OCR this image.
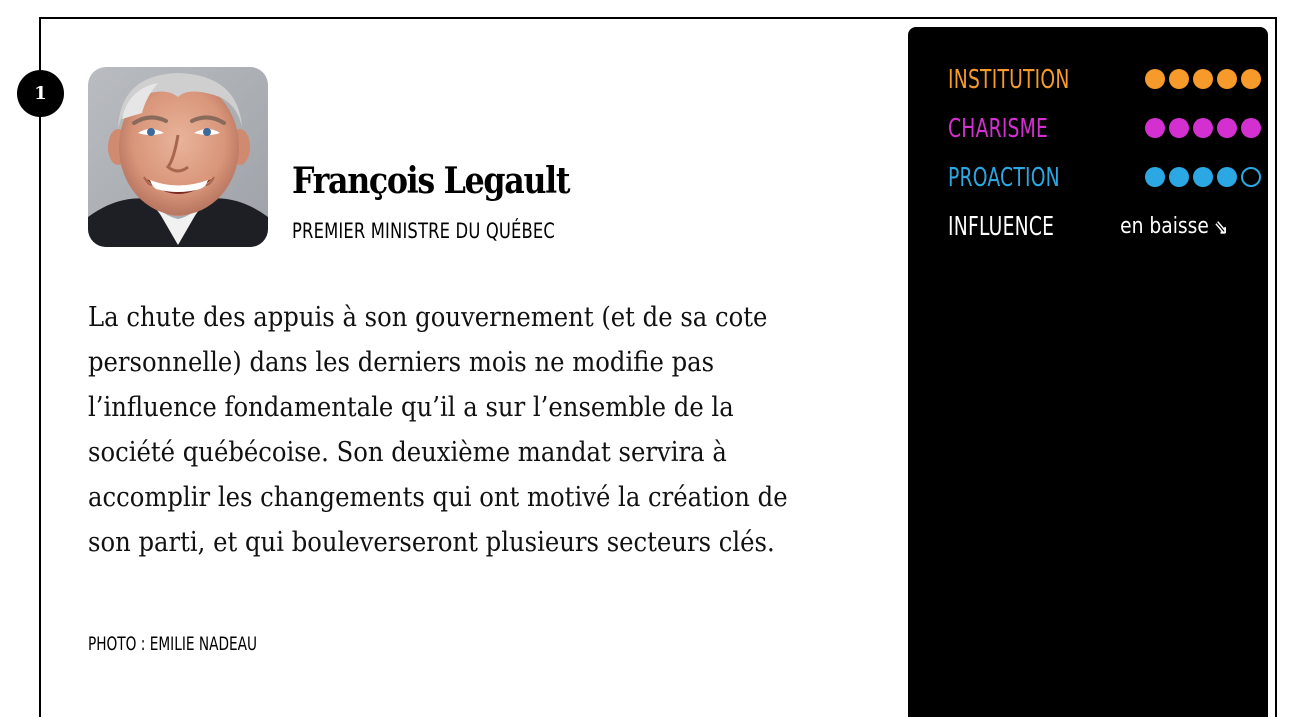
1
François Legault
PREMIER MINISTRE DU QUÉBEC

La chute des appuis à son gouvernement (et de sa cote personnelle) dans les derniers mois ne modifie pas l’influence fondamentale qu’il a sur l’ensemble de la société québécoise. Son deuxième mandat servira à accomplir les changements qui ont motivé la création de son parti, et qui bouleverseront plusieurs secteurs clés.

PHOTO : EMILIE NADEAU
INSTITUTION
CHARISME
PROACTION
INFLUENCE	en baisse ⇘
